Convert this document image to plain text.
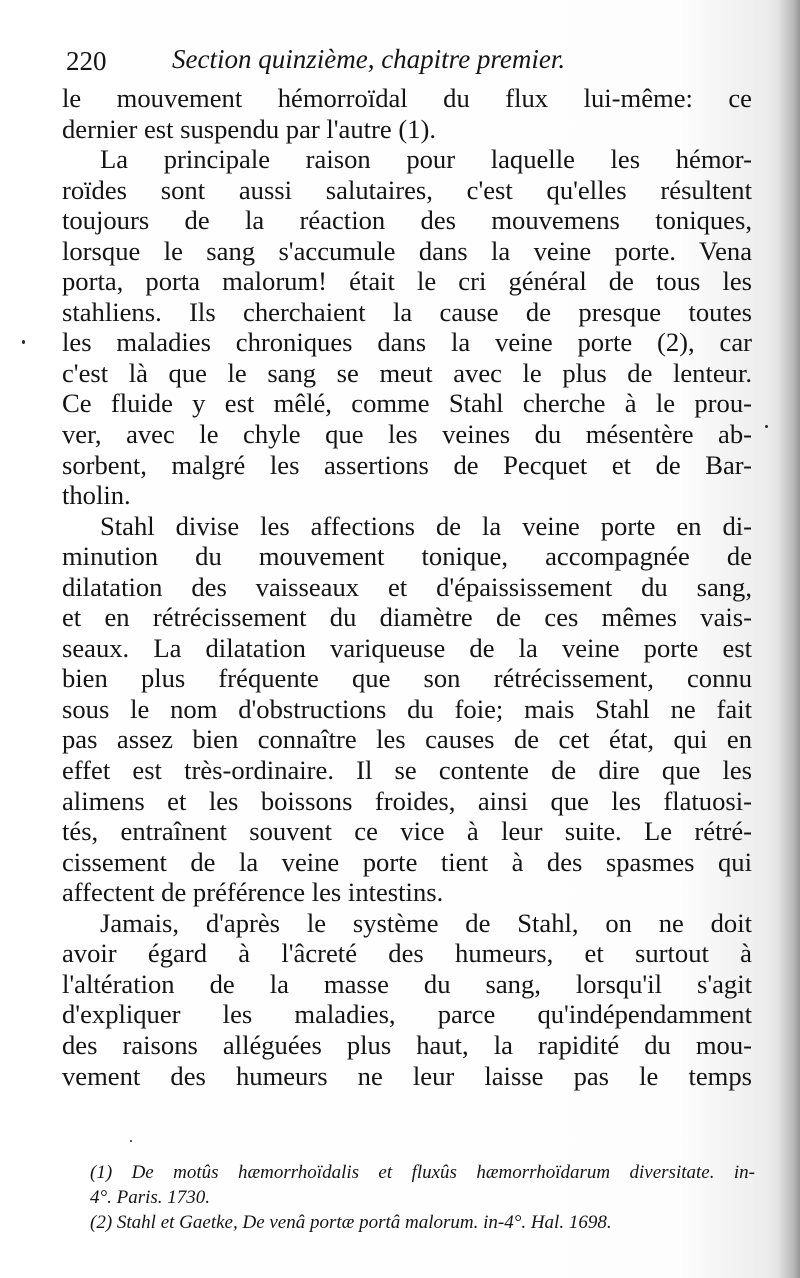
220 Section quinzième, chapitre premier.

le mouvement hémorroïdal du flux lui-même: ce
dernier est suspendu par l'autre (1).

La principale raison pour laquelle les hémor-
roïdes sont aussi salutaires, c'est qu'elles résultent
toujours de la réaction des mouvemens toniques,
lorsque le sang s'accumule dans la veine porte. Vena
porta, porta malorum! était le cri général de tous les
stahliens. Ils cherchaient la cause de presque toutes
les maladies chroniques dans la veine porte (2), car
c'est là que le sang se meut avec le plus de lenteur.
Ce fluide y est mêlé, comme Stahl cherche à le prou-
ver, avec le chyle que les veines du mésentère ab-
sorbent, malgré les assertions de Pecquet et de Bar-
tholin.

Stahl divise les affections de la veine porte en di-
minution du mouvement tonique, accompagnée de
dilatation des vaisseaux et d'épaississement du sang,
et en rétrécissement du diamètre de ces mêmes vais-
seaux. La dilatation variqueuse de la veine porte est
bien plus fréquente que son rétrécissement, connu
sous le nom d'obstructions du foie; mais Stahl ne fait
pas assez bien connaître les causes de cet état, qui en
effet est très-ordinaire. Il se contente de dire que les
alimens et les boissons froides, ainsi que les flatuosi-
tés, entraînent souvent ce vice à leur suite. Le rétré-
cissement de la veine porte tient à des spasmes qui
affectent de préférence les intestins.

Jamais, d'après le système de Stahl, on ne doit
avoir égard à l'âcreté des humeurs, et surtout à
l'altération de la masse du sang, lorsqu'il s'agit
d'expliquer les maladies, parce qu'indépendamment
des raisons alléguées plus haut, la rapidité du mou-
vement des humeurs ne leur laisse pas le temps

(1) De motûs hæmorrhoïdalis et fluxûs hæmorrhoïdarum diversitate. in-
4°. Paris. 1730.
(2) Stahl et Gaetke, De venâ portæ portâ malorum. in-4°. Hal. 1698.
